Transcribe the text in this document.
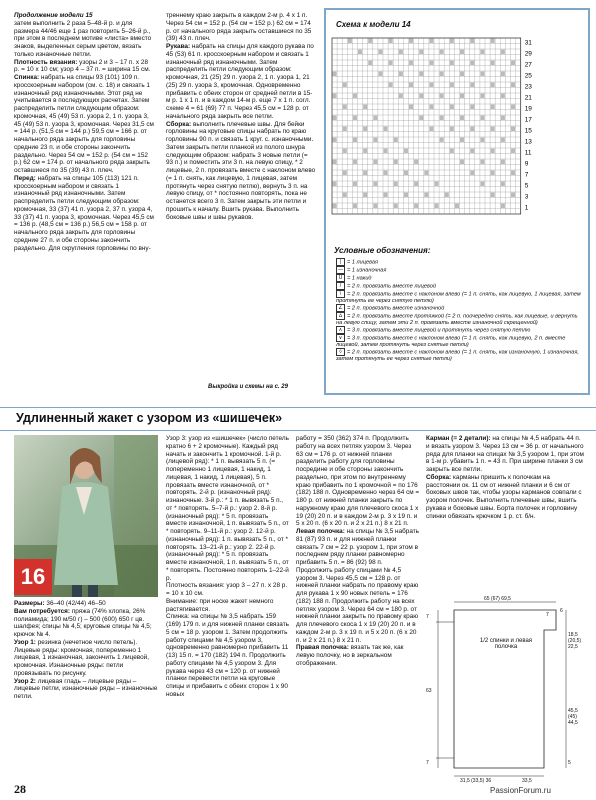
Продолжение модели 15

затем выполнить 2 раза 5–48-й р. и для размера 44/46 еще 1 раз повторить 5–26-й р., при этом в последнем мотиве «листа» вместо знаков, выделенных серым цветом, вязать только изнаночные петли.

Плотность вязания: узоры 2 и 3 – 17 п. х 28 р. = 10 х 10 см; узор 4 – 37 п. = ширина 15 см.

Спинка: набрать на спицы 93 (101) 109 п. кросскоерным набором (см. с. 18) и связать 1 изнаночный ряд изнаночными. Этот ряд не учитывается в последующих расчетах. Затем распределить петли следующим образом: кромочная, 45 (49) 53 п. узора 2, 1 п. узора 3, 45 (49) 53 п. узора 3, кромочная. Через 31,5 см = 144 р. (51,5 см = 144 р.) 59,5 см = 166 р. от начального ряда закрыть для горловины средние 23 п. и обе стороны закончить раздельно. Через 54 см = 152 р. (54 см = 152 р.) 62 см = 174 р. от начального ряда закрыть оставшиеся по 35 (39) 43 п. плеч.

Перед: набрать на спицы 105 (113) 121 п. кросскоерным набором и связать 1 изнаночный ряд изнаночными. Затем распределить петли следующим образом: кромочная, 33 (37) 41 п. узора 2, 37 п. узора 4, 33 (37) 41 п. узора 3, кромочная. Через 45,5 см = 136 р. (48,5 см = 136 р.) 56,5 см = 158 р. от начального ряда закрыть для горловины средние 27 п. и обе стороны закончить раздельно. Для скругления горловины по вну-

треннему краю закрыть в каждом 2-м р. 4 х 1 п. Через 54 см = 152 р. (54 см = 152 р.) 62 см = 174 р. от начального ряда закрыть оставшиеся по 35 (39) 43 п. плеч.

Рукава: набрать на спицы для каждого рукава по 45 (53) 61 п. кросскоерным набором и связать 1 изнаночный ряд изнаночными. Затем распределить петли следующим образом: кромочная, 21 (25) 29 п. узора 2, 1 п. узора 1, 21 (25) 29 п. узора 3, кромочная. Одновременно прибавить с обеих сторон от средней петли в 15-м р. 1 х 1 п. и в каждом 14-м р. еще 7 х 1 п. согл. схеме 4 = 61 (69) 77 п. Через 45,5 см = 128 р. от начального ряда закрыть все петли.

Сборка: выполнить плечевые швы. Для бейки горловины на круговые спицы набрать по краю горловины 90 п. и связать 1 круг. с. изнаночными. Затем закрыть петли планкой из полого шнура следующим образом: набрать 3 новые петли (= 93 п.) и поместить эти 3 п. на левую спицу, * 2 лицевые, 2 п. провязать вместе с наклоном влево (= 1 п. снять, как лицевую, 1 лицевая, затем протянуть через снятую петлю), вернуть 3 п. на левую спицу, от * постоянно повторять, пока не останется всего 3 п. Затем закрыть эти петли и прошить к началу. Вшить рукава. Выполнить боковые швы и швы рукавов.

Выкройка и схемы на с. 29
Схема к модели 14
31
29
27
25
23
21
19
17
15
13
11
9
7
5
3
1
Условные обозначения:
| = 1 лицевая
— = 1 изнаночная
U = 1 накид
/ = 2 п. провязать вместе лицевой
\ = 2 п. провязать вместе с наклоном влево (= 1 п. снять, как лицевую, 1 лицевая, затем протянуть ее через снятую петлю)
∠ = 2 п. провязать вместе изнаночной
∆ = 2 п. провязать вместе протяжкой (= 2 п. поочередно снять, как лицевые, и вернуть на левую спицу, затем эти 2 п. провязать вместе изнаночной скрещенной)
∧ = 3 п. провязать вместе лицевой и протянуть через снятую петлю
∨ = 3 п. провязать вместе с наклоном влево (= 1 п. снять, как лицевую, 2 п. вместе лицевой, затем протянуть через снятые петли)
◊ = 2 п. провязать вместе с наклоном влево (= 1 п. снять, как изнаночную, 1 изнаночная, затем протянуть ее через снятые петли)
Удлиненный жакет с узором из «шишечек»
16

Размеры: 36–40 (42/44) 46–50

Вам потребуется: пряжа (74% хлопка, 26% полиамида; 190 м/50 г) – 500 (600) 650 г цв. шалфея; спицы № 4,5; круговые спицы № 4,5; крючок № 4.

Узор 1: резинка (нечетное число петель). Лицевые ряды: кромочная, попеременно 1 лицевая, 1 изнаночная, закончить 1 лицевой, кромочная. Изнаночные ряды: петли провязывать по рисунку.

Узор 2: лицевая гладь – лицевые ряды – лицевые петли, изнаночные ряды – изнаночные петли.

Узор 3: узор из «шишечек» (число петель кратно 6 + 2 кромочные). Каждый ряд начать и закончить 1 кромочной. 1-й р. (лицевой ряд): * 1 п. вывязать 5 п. (= попеременно 1 лицевая, 1 накид, 1 лицевая, 1 накид, 1 лицевая), 5 п. провязать вместе изнаночной, от * повторять. 2-й р. (изнаночный ряд): изнаночные. 3-й р.: * 1 п. вывязать 5 п., от * повторять. 5–7-й р.: узор 2. 8-й р. (изнаночный ряд): * 5 п. провязать вместе изнаночной, 1 п. вывязать 5 п., от * повторять. 9–11-й р.: узор 2. 12-й р. (изнаночный ряд): 1 п. вывязать 5 п., от * повторять. 13–21-й р.: узор 2. 22-й р. (изнаночный ряд): * 5 п. провязать вместе изнаночной, 1 п. вывязать 5 п., от * повторять. Постоянно повторять 1–22-й р.

Плотность вязания: узор 3 – 27 п. х 28 р. = 10 х 10 см.

Внимание: при носке жакет немного растягивается.

Спинка: на спицы № 3,5 набрать 159 (169) 179 п. и для нижней планки связать 5 см = 18 р. узором 1. Затем продолжить работу спицами № 4,5 узором 3, одновременно равномерно прибавить 11 (13) 15 п. = 170 (182) 194 п. Продолжить работу спицами № 4,5 узором 3. Для рукава через 43 см = 120 р. от нижней планки перевести петли на круговые спицы и прибавить с обеих сторон 1 х 90 новых

работу = 350 (362) 374 п. Продолжить работу на всех петлях узором 3. Через 63 см = 176 р. от нижней планки разделить работу для горловины посредине и обе стороны закончить раздельно, при этом по внутреннему краю прибавить по 1 кромочной = по 176 (182) 188 п. Одновременно через 64 см = 180 р. от нижней планки закрыть по наружному краю для плечевого скоса 1 х 19 (20) 20 п. и в каждом 2-м р. 3 х 19 п. и 5 х 20 п. (6 х 20 п. и 2 х 21 п.) 8 х 21 п.

Левая полочка: на спицы № 3,5 набрать 81 (87) 93 п. и для нижней планки связать 7 см = 22 р. узором 1, при этом в последнем ряду планки равномерно прибавить 5 п. = 86 (92) 98 п. Продолжить работу спицами № 4,5 узором 3. Через 45,5 см = 128 р. от нижней планки набрать по правому краю для рукава 1 х 90 новых петель = 176 (182) 188 п. Продолжить работу на всех петлях узором 3. Через 64 см = 180 р. от нижней планки закрыть по правому краю для плечевого скоса 1 х 19 (20) 20 п. и в каждом 2-м р. 3 х 19 п. и 5 х 20 п. (6 х 20 п. и 2 х 21 п.) 8 х 21 п.

Правая полочка: вязать так же, как левую полочку, но в зеркальном отображении.

Карман (= 2 детали): на спицы № 4,5 набрать 44 п. и вязать узором 3. Через 13 см = 36 р. от начального ряда для планки на спицах № 3,5 узором 1, при этом в 1-м р. убавить 1 п. = 43 п. При ширине планки 3 см закрыть все петли.

Сборка: карманы пришить к полочкам на расстоянии ок. 11 см от нижней планки и 6 см от боковых швов так, чтобы узоры карманов совпали с узором полочек. Выполнить плечевые швы, вшить рукава и боковые швы. Борта полочек и горловину спинки обвязать крючком 1 р. ст. б/н.

65 (67) 69,5
6
18,5 (20,5) 22,5
45,5 (45) 44,5
5
7
63
7
7
31,5 (33,5) 36	33,5
1/2 спинки и левая полочка
28	PassionForum.ru
